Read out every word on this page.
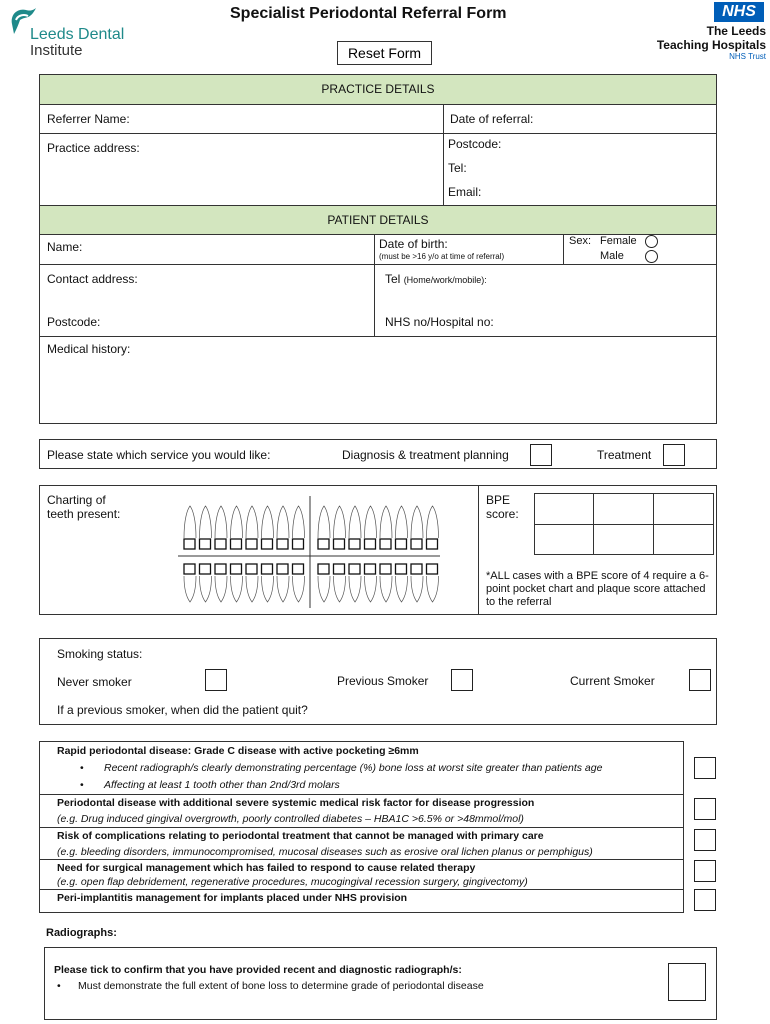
Leeds Dental
Institute
Specialist Periodontal Referral Form
Reset Form
NHS
The Leeds
Teaching Hospitals
NHS Trust
PRACTICE DETAILS
Referrer Name:	Date of referral:
Practice address:	Postcode:
Tel:
Email:
PATIENT DETAILS
Name:	Date of birth:
(must be >16 y/o at time of referral)
Sex: Female
Male
Contact address:	Tel (Home/work/mobile):
Postcode:	NHS no/Hospital no:
Medical history:
Please state which service you would like:	Diagnosis & treatment planning	Treatment
Charting of
teeth present:
BPE
score:
*ALL cases with a BPE score of 4 require a 6-point pocket chart and plaque score attached to the referral
Smoking status:
Never smoker	Previous Smoker	Current Smoker
If a previous smoker, when did the patient quit?
Rapid periodontal disease: Grade C disease with active pocketing ≥6mm
• Recent radiograph/s clearly demonstrating percentage (%) bone loss at worst site greater than patients age
• Affecting at least 1 tooth other than 2nd/3rd molars
Periodontal disease with additional severe systemic medical risk factor for disease progression
(e.g. Drug induced gingival overgrowth, poorly controlled diabetes – HBA1C >6.5% or >48mmol/mol)
Risk of complications relating to periodontal treatment that cannot be managed with primary care
(e.g. bleeding disorders, immunocompromised, mucosal diseases such as erosive oral lichen planus or pemphigus)
Need for surgical management which has failed to respond to cause related therapy
(e.g. open flap debridement, regenerative procedures, mucogingival recession surgery, gingivectomy)
Peri-implantitis management for implants placed under NHS provision
Radiographs:
Please tick to confirm that you have provided recent and diagnostic radiograph/s:
• Must demonstrate the full extent of bone loss to determine grade of periodontal disease
